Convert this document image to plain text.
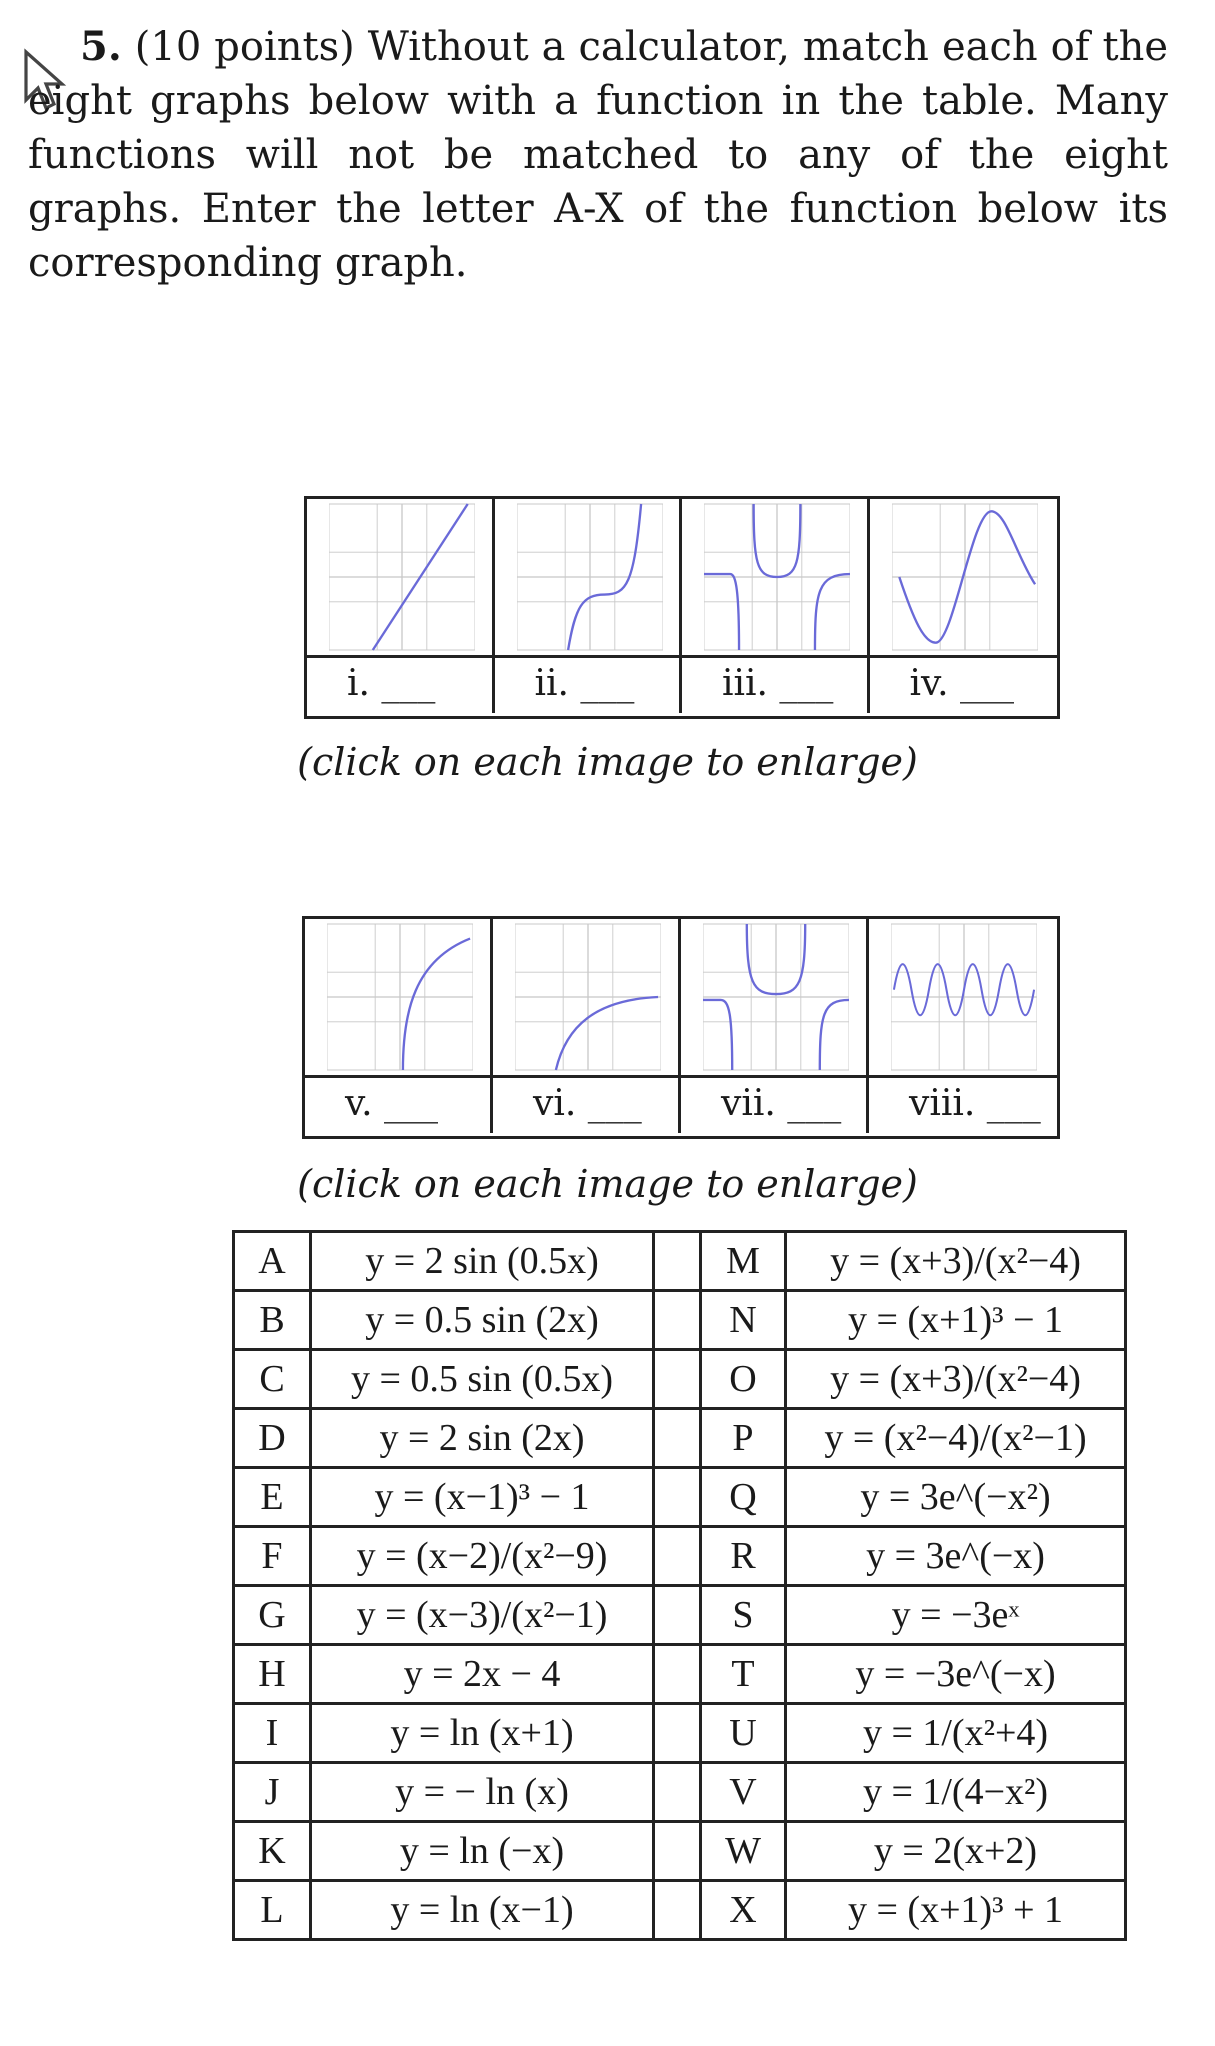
5. (10 points) Without a calculator, match each of the eight graphs below with a function in the table. Many functions will not be matched to any of the eight graphs. Enter the letter A-X of the function below its corresponding graph.
i. ___	ii. ___	iii. ___	iv. ___
(click on each image to enlarge)
v. ___	vi. ___	vii. ___	viii. ___
(click on each image to enlarge)
A	y = 2 sin (0.5x)		M	y = (x+3)/(x²−4)
B	y = 0.5 sin (2x)		N	y = (x+1)³ − 1
C	y = 0.5 sin (0.5x)		O	y = (x+3)/(x²−4)
D	y = 2 sin (2x)		P	y = (x²−4)/(x²−1)
E	y = (x−1)³ − 1		Q	y = 3e^(−x²)
F	y = (x−2)/(x²−9)		R	y = 3e^(−x)
G	y = (x−3)/(x²−1)		S	y = −3eˣ
H	y = 2x − 4		T	y = −3e^(−x)
I	y = ln (x+1)		U	y = 1/(x²+4)
J	y = − ln (x)		V	y = 1/(4−x²)
K	y = ln (−x)		W	y = 2(x+2)
L	y = ln (x−1)		X	y = (x+1)³ + 1
